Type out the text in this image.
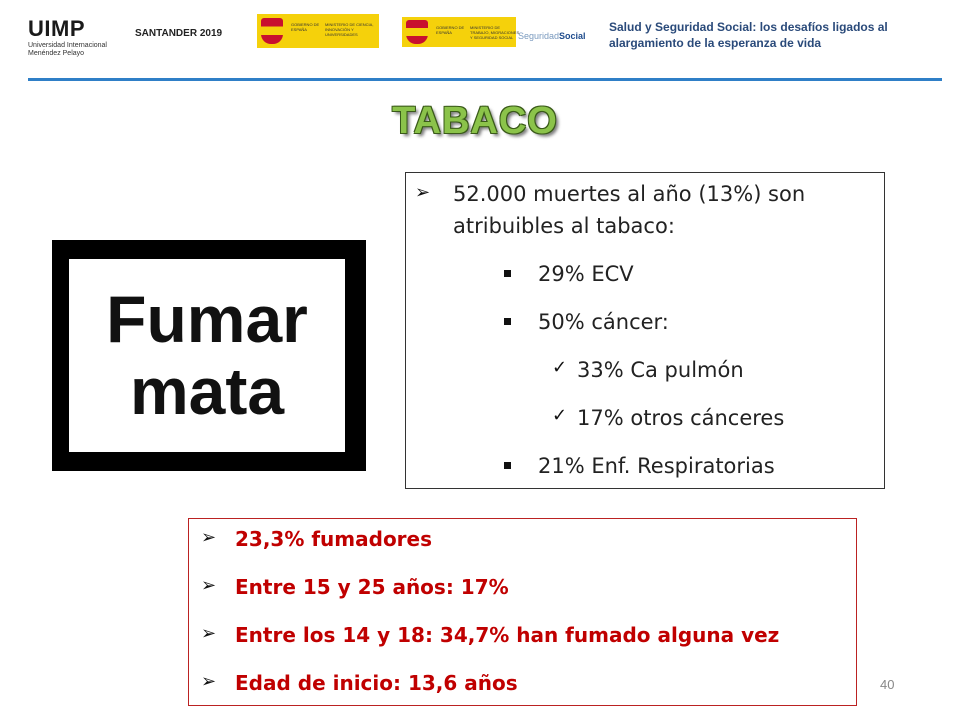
UIMP
Universidad Internacional
Menéndez Pelayo
SANTANDER 2019
GOBIERNO DE ESPAÑA
MINISTERIO DE CIENCIA, INNOVACIÓN Y UNIVERSIDADES
GOBIERNO DE ESPAÑA
MINISTERIO DE TRABAJO, MIGRACIONES Y SEGURIDAD SOCIAL SeguridadSocial
Salud y Seguridad Social: los desafíos ligados al alargamiento de la esperanza de vida
TABACO
Fumar
mata
➢ 52.000 muertes al año (13%) son
atribuibles al tabaco:
29% ECV
50% cáncer:
✓ 33% Ca pulmón
✓ 17% otros cánceres
21% Enf. Respiratorias
➢ 23,3% fumadores
➢ Entre 15 y 25 años: 17%
➢ Entre los 14 y 18: 34,7% han fumado alguna vez
➢ Edad de inicio: 13,6 años	40
